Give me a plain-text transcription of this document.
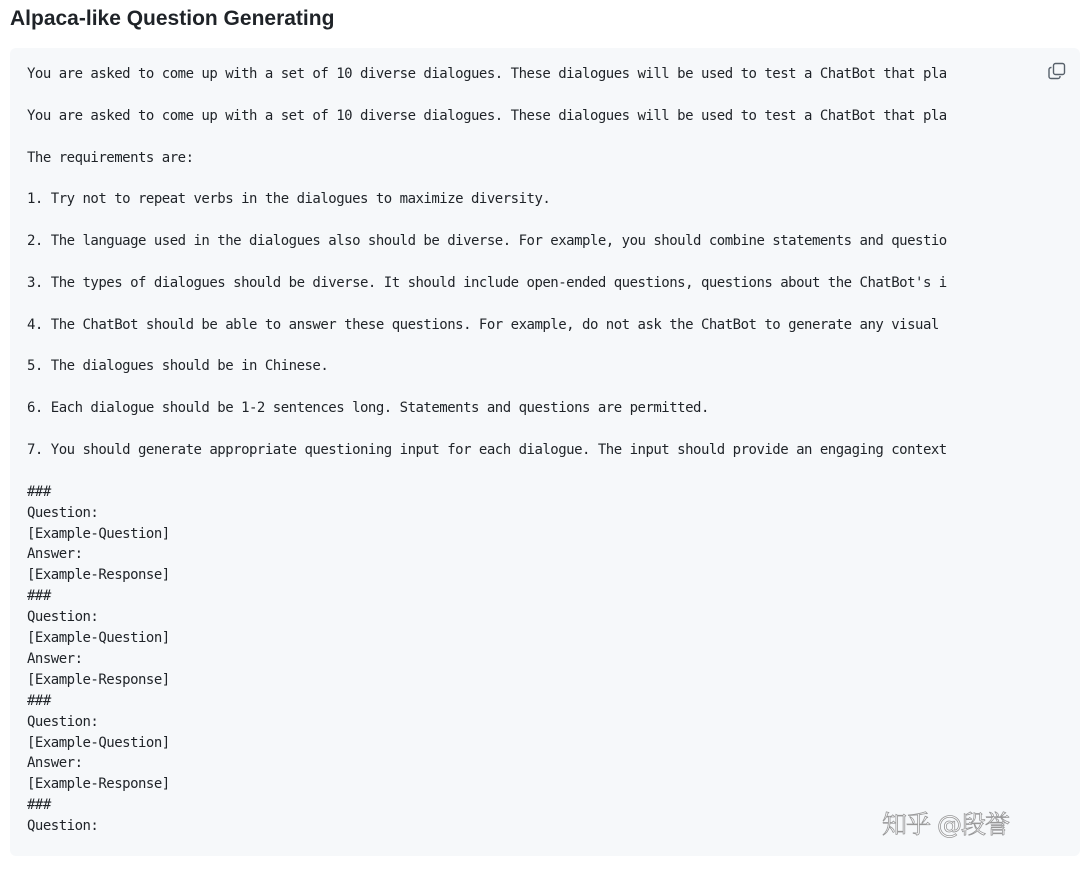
Alpaca-like Question Generating
You are asked to come up with a set of 10 diverse dialogues. These dialogues will be used to test a ChatBot that pla

You are asked to come up with a set of 10 diverse dialogues. These dialogues will be used to test a ChatBot that pla

The requirements are:

1. Try not to repeat verbs in the dialogues to maximize diversity.

2. The language used in the dialogues also should be diverse. For example, you should combine statements and questio

3. The types of dialogues should be diverse. It should include open-ended questions, questions about the ChatBot's i

4. The ChatBot should be able to answer these questions. For example, do not ask the ChatBot to generate any visual

5. The dialogues should be in Chinese.

6. Each dialogue should be 1-2 sentences long. Statements and questions are permitted.

7. You should generate appropriate questioning input for each dialogue. The input should provide an engaging context

###
Question:
[Example-Question]
Answer:
[Example-Response]
###
Question:
[Example-Question]
Answer:
[Example-Response]
###
Question:
[Example-Question]
Answer:
[Example-Response]
###
Question:	知乎 @段誉
